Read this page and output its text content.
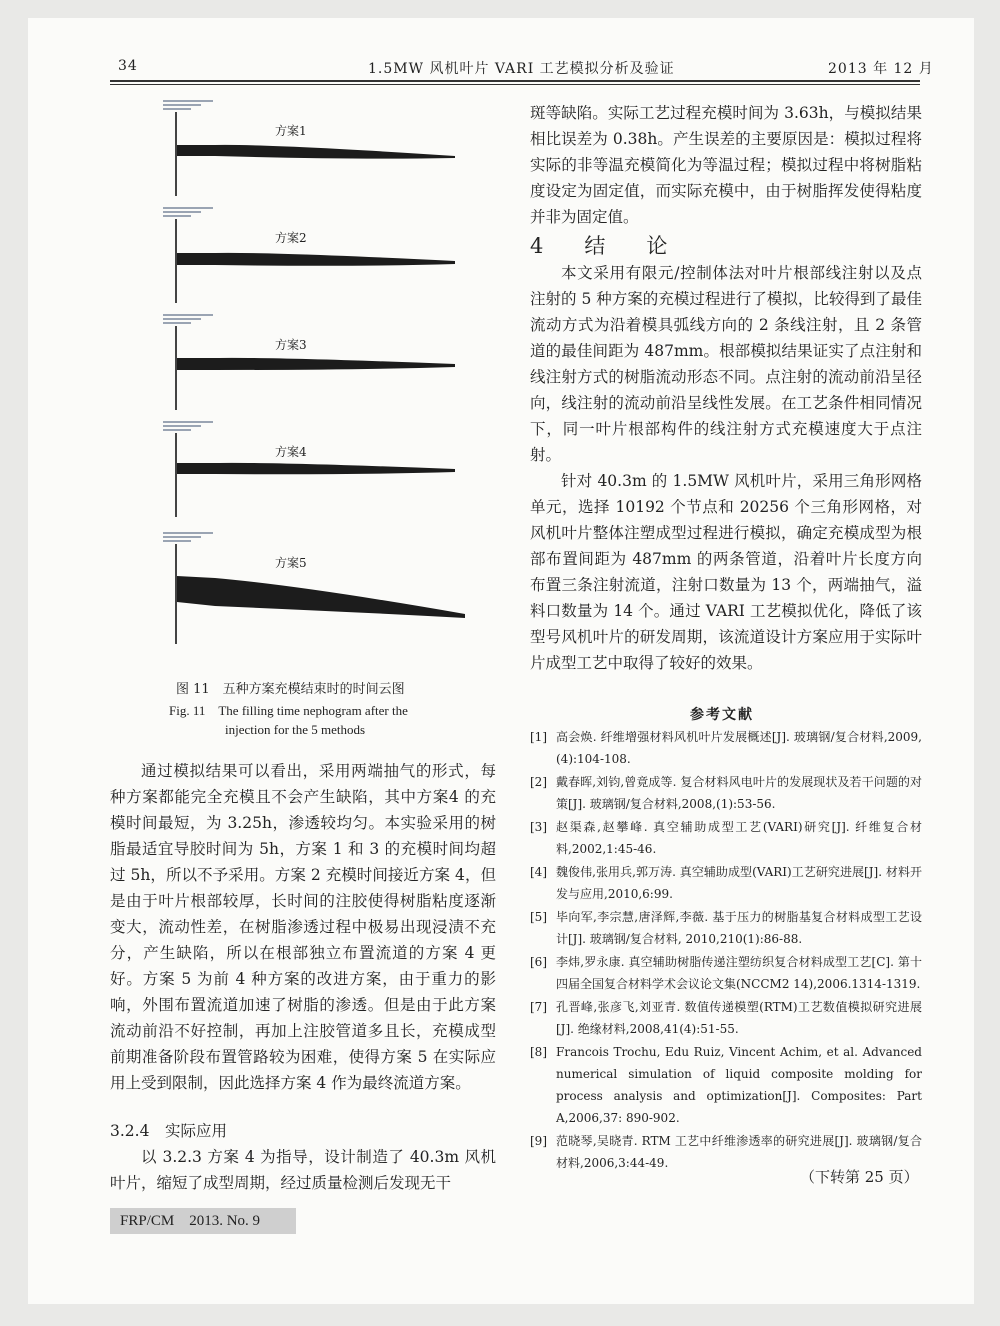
34	1.5MW 风机叶片 VARI 工艺模拟分析及验证	2013 年 12 月
方案1
方案2
方案3
方案4
方案5
图 11　五种方案充模结束时的时间云图
Fig. 11　The filling time nephogram after the
injection for the 5 methods

通过模拟结果可以看出，采用两端抽气的形式，每种方案都能完全充模且不会产生缺陷，其中方案4 的充模时间最短，为 3.25h，渗透较均匀。本实验采用的树脂最适宜导胶时间为 5h，方案 1 和 3 的充模时间均超过 5h，所以不予采用。方案 2 充模时间接近方案 4，但是由于叶片根部较厚，长时间的注胶使得树脂粘度逐渐变大，流动性差，在树脂渗透过程中极易出现浸渍不充分，产生缺陷，所以在根部独立布置流道的方案 4 更好。方案 5 为前 4 种方案的改进方案，由于重力的影响，外围布置流道加速了树脂的渗透。但是由于此方案流动前沿不好控制，再加上注胶管道多且长，充模成型前期准备阶段布置管路较为困难，使得方案 5 在实际应用上受到限制，因此选择方案 4 作为最终流道方案。

3.2.4　实际应用

以 3.2.3 方案 4 为指导，设计制造了 40.3m 风机叶片，缩短了成型周期，经过质量检测后发现无干

斑等缺陷。实际工艺过程充模时间为 3.63h，与模拟结果相比误差为 0.38h。产生误差的主要原因是：模拟过程将实际的非等温充模简化为等温过程；模拟过程中将树脂粘度设定为固定值，而实际充模中，由于树脂挥发使得粘度并非为固定值。

4　结　论

本文采用有限元/控制体法对叶片根部线注射以及点注射的 5 种方案的充模过程进行了模拟，比较得到了最佳流动方式为沿着模具弧线方向的 2 条线注射，且 2 条管道的最佳间距为 487mm。根部模拟结果证实了点注射和线注射方式的树脂流动形态不同。点注射的流动前沿呈径向，线注射的流动前沿呈线性发展。在工艺条件相同情况下，同一叶片根部构件的线注射方式充模速度大于点注射。

针对 40.3m 的 1.5MW 风机叶片，采用三角形网格单元，选择 10192 个节点和 20256 个三角形网格，对风机叶片整体注塑成型过程进行模拟，确定充模成型为根部布置间距为 487mm 的两条管道，沿着叶片长度方向布置三条注射流道，注射口数量为 13 个，两端抽气，溢料口数量为 14 个。通过 VARI 工艺模拟优化，降低了该型号风机叶片的研发周期，该流道设计方案应用于实际叶片成型工艺中取得了较好的效果。

参考文献
[1] 高会焕. 纤维增强材料风机叶片发展概述[J]. 玻璃钢/复合材料,2009,(4):104-108.
[2] 戴春晖,刘钧,曾竟成等. 复合材料风电叶片的发展现状及若干问题的对策[J]. 玻璃钢/复合材料,2008,(1):53-56.
[3] 赵渠森,赵攀峰. 真空辅助成型工艺(VARI)研究[J]. 纤维复合材料,2002,1:45-46.
[4] 魏俊伟,张用兵,郭万涛. 真空辅助成型(VARI)工艺研究进展[J]. 材料开发与应用,2010,6:99.
[5] 毕向军,李宗慧,唐泽辉,李薇. 基于压力的树脂基复合材料成型工艺设计[J]. 玻璃钢/复合材料, 2010,210(1):86-88.
[6] 李炜,罗永康. 真空辅助树脂传递注塑纺织复合材料成型工艺[C]. 第十四届全国复合材料学术会议论文集(NCCM2 14),2006.1314-1319.
[7] 孔晋峰,张彦飞,刘亚青. 数值传递模塑(RTM)工艺数值模拟研究进展[J]. 绝缘材料,2008,41(4):51-55.
[8] Francois Trochu, Edu Ruiz, Vincent Achim, et al. Advanced numerical simulation of liquid composite molding for process analysis and optimization[J]. Composites: Part A,2006,37: 890-902.
[9] 范晓琴,吴晓青. RTM 工艺中纤维渗透率的研究进展[J]. 玻璃钢/复合材料,2006,3:44-49.
（下转第 25 页）
FRP/CM　2013. No. 9
